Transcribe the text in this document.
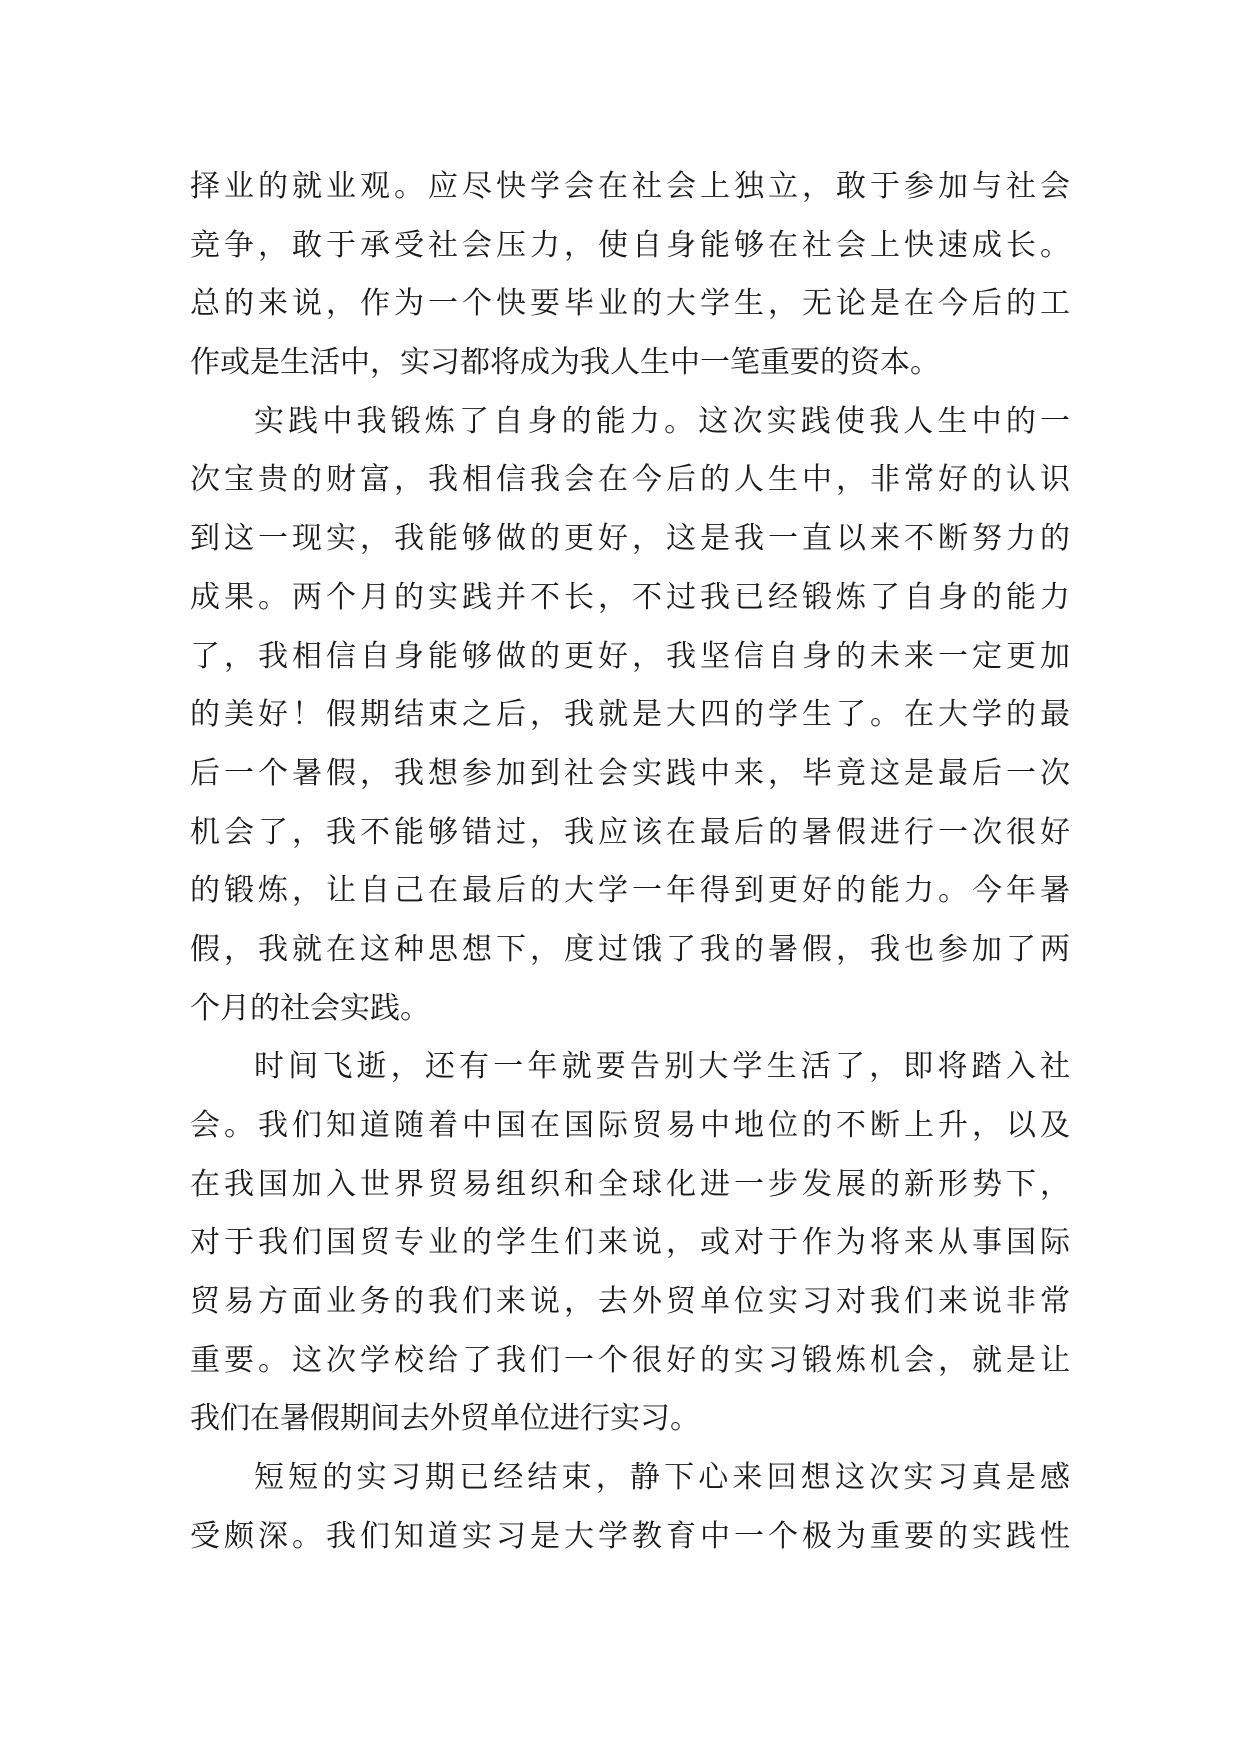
择业的就业观。应尽快学会在社会上独立，敢于参加与社会
竞争，敢于承受社会压力，使自身能够在社会上快速成长。
总的来说，作为一个快要毕业的大学生，无论是在今后的工
作或是生活中，实习都将成为我人生中一笔重要的资本。
实践中我锻炼了自身的能力。这次实践使我人生中的一
次宝贵的财富，我相信我会在今后的人生中，非常好的认识
到这一现实，我能够做的更好，这是我一直以来不断努力的
成果。两个月的实践并不长，不过我已经锻炼了自身的能力
了，我相信自身能够做的更好，我坚信自身的未来一定更加
的美好！假期结束之后，我就是大四的学生了。在大学的最
后一个暑假，我想参加到社会实践中来，毕竟这是最后一次
机会了，我不能够错过，我应该在最后的暑假进行一次很好
的锻炼，让自己在最后的大学一年得到更好的能力。今年暑
假，我就在这种思想下，度过饿了我的暑假，我也参加了两
个月的社会实践。
时间飞逝，还有一年就要告别大学生活了，即将踏入社
会。我们知道随着中国在国际贸易中地位的不断上升，以及
在我国加入世界贸易组织和全球化进一步发展的新形势下，
对于我们国贸专业的学生们来说，或对于作为将来从事国际
贸易方面业务的我们来说，去外贸单位实习对我们来说非常
重要。这次学校给了我们一个很好的实习锻炼机会，就是让
我们在暑假期间去外贸单位进行实习。
短短的实习期已经结束，静下心来回想这次实习真是感
受颇深。我们知道实习是大学教育中一个极为重要的实践性
